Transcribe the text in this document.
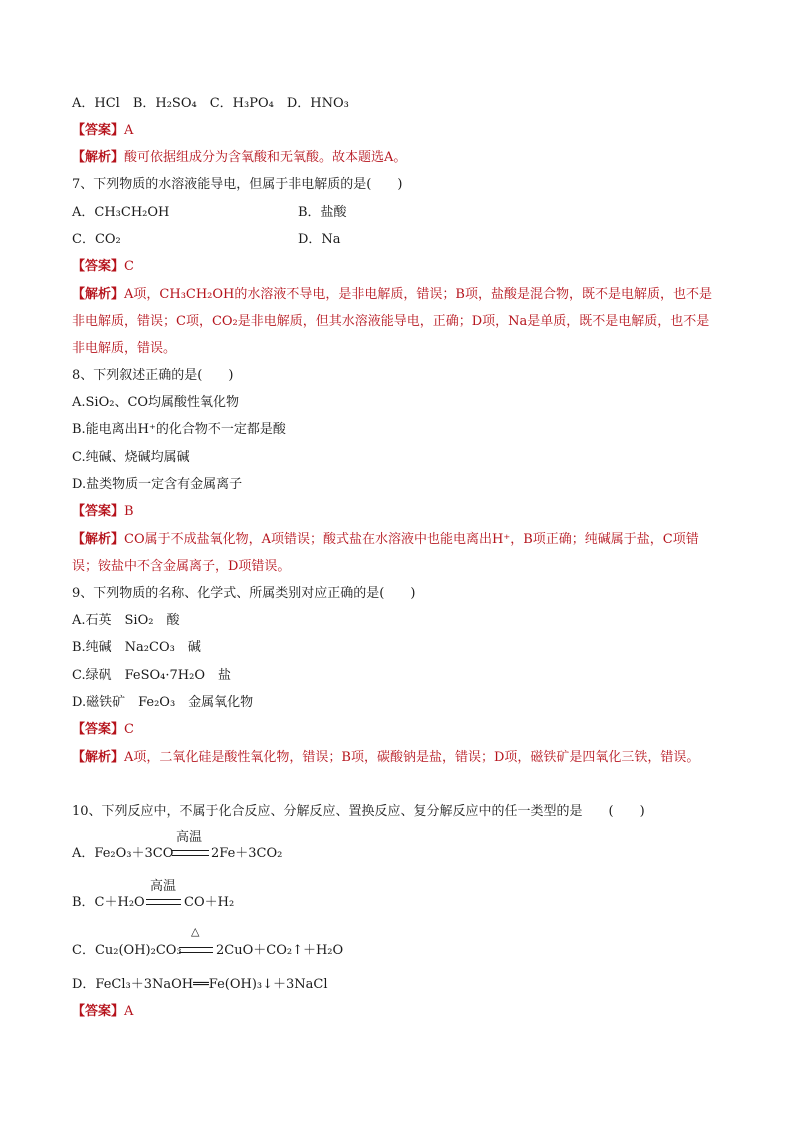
A．HCl　B．H₂SO₄　C．H₃PO₄　D．HNO₃
【答案】A
【解析】酸可依据组成分为含氧酸和无氧酸。故本题选A。
7、下列物质的水溶液能导电，但属于非电解质的是(　　)
A．CH₃CH₂OH	B．盐酸
C．CO₂	D．Na
【答案】C
【解析】A项，CH₃CH₂OH的水溶液不导电，是非电解质，错误；B项，盐酸是混合物，既不是电解质，也不是非电解质，错误；C项，CO₂是非电解质，但其水溶液能导电，正确；D项，Na是单质，既不是电解质，也不是非电解质，错误。
8、下列叙述正确的是(　　)
A.SiO₂、CO均属酸性氧化物
B.能电离出H⁺的化合物不一定都是酸
C.纯碱、烧碱均属碱
D.盐类物质一定含有金属离子
【答案】B
【解析】CO属于不成盐氧化物，A项错误；酸式盐在水溶液中也能电离出H⁺，B项正确；纯碱属于盐，C项错误；铵盐中不含金属离子，D项错误。
9、下列物质的名称、化学式、所属类别对应正确的是(　　)
A.石英　SiO₂　酸
B.纯碱　Na₂CO₃　碱
C.绿矾　FeSO₄·7H₂O　盐
D.磁铁矿　Fe₂O₃　金属氧化物
【答案】C
【解析】A项，二氧化硅是酸性氧化物，错误；B项，碳酸钠是盐，错误；D项，磁铁矿是四氧化三铁，错误。
10、下列反应中，不属于化合反应、分解反应、置换反应、复分解反应中的任一类型的是　　(　　)
A．Fe₂O₃＋3CO
高温
2Fe＋3CO₂
B．C＋H₂O
高温
CO＋H₂
C．Cu₂(OH)₂CO₃
△
2CuO＋CO₂↑＋H₂O
D．FeCl₃＋3NaOH══Fe(OH)₃↓＋3NaCl
【答案】A
